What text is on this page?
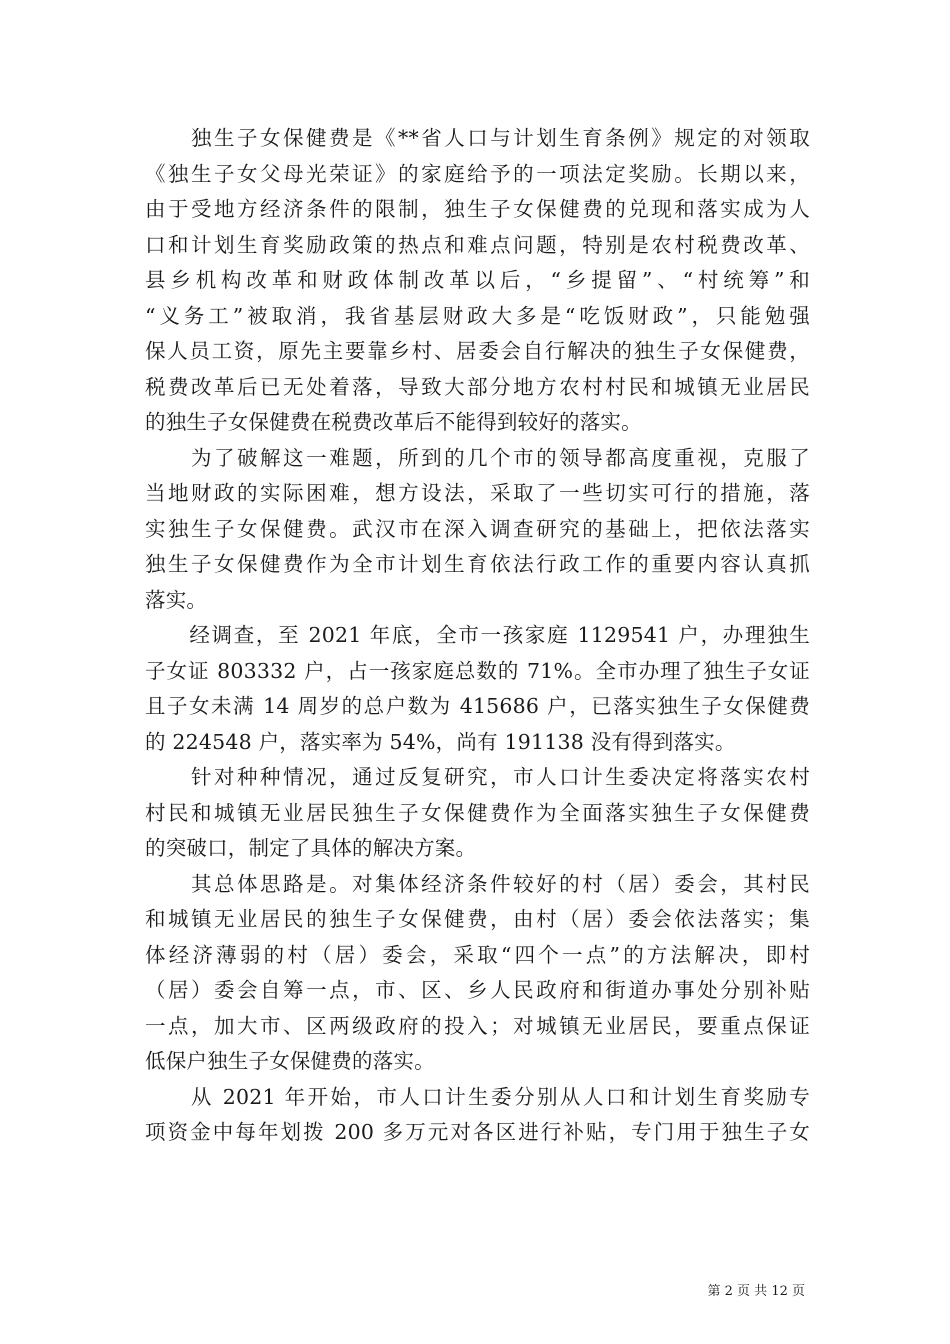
　　独生子女保健费是《**省人口与计划生育条例》规定的对领取
《独生子女父母光荣证》的家庭给予的一项法定奖励。长期以来，
由于受地方经济条件的限制，独生子女保健费的兑现和落实成为人
口和计划生育奖励政策的热点和难点问题，特别是农村税费改革、
县乡机构改革和财政体制改革以后，“乡提留”、“村统筹”和
“义务工”被取消，我省基层财政大多是“吃饭财政”，只能勉强
保人员工资，原先主要靠乡村、居委会自行解决的独生子女保健费，
税费改革后已无处着落，导致大部分地方农村村民和城镇无业居民
的独生子女保健费在税费改革后不能得到较好的落实。

　　为了破解这一难题，所到的几个市的领导都高度重视，克服了
当地财政的实际困难，想方设法，采取了一些切实可行的措施，落
实独生子女保健费。武汉市在深入调查研究的基础上，把依法落实
独生子女保健费作为全市计划生育依法行政工作的重要内容认真抓
落实。

　　经调查，至 2021 年底，全市一孩家庭 1129541 户，办理独生
子女证 803332 户，占一孩家庭总数的 71%。全市办理了独生子女证
且子女未满 14 周岁的总户数为 415686 户，已落实独生子女保健费
的 224548 户，落实率为 54%，尚有 191138 没有得到落实。

　　针对种种情况，通过反复研究，市人口计生委决定将落实农村
村民和城镇无业居民独生子女保健费作为全面落实独生子女保健费
的突破口，制定了具体的解决方案。

　　其总体思路是。对集体经济条件较好的村（居）委会，其村民
和城镇无业居民的独生子女保健费，由村（居）委会依法落实；集
体经济薄弱的村（居）委会，采取“四个一点”的方法解决，即村
（居）委会自筹一点，市、区、乡人民政府和街道办事处分别补贴
一点，加大市、区两级政府的投入；对城镇无业居民，要重点保证
低保户独生子女保健费的落实。

　　从 2021 年开始，市人口计生委分别从人口和计划生育奖励专
项资金中每年划拨 200 多万元对各区进行补贴，专门用于独生子女

第 2 页 共 12 页
